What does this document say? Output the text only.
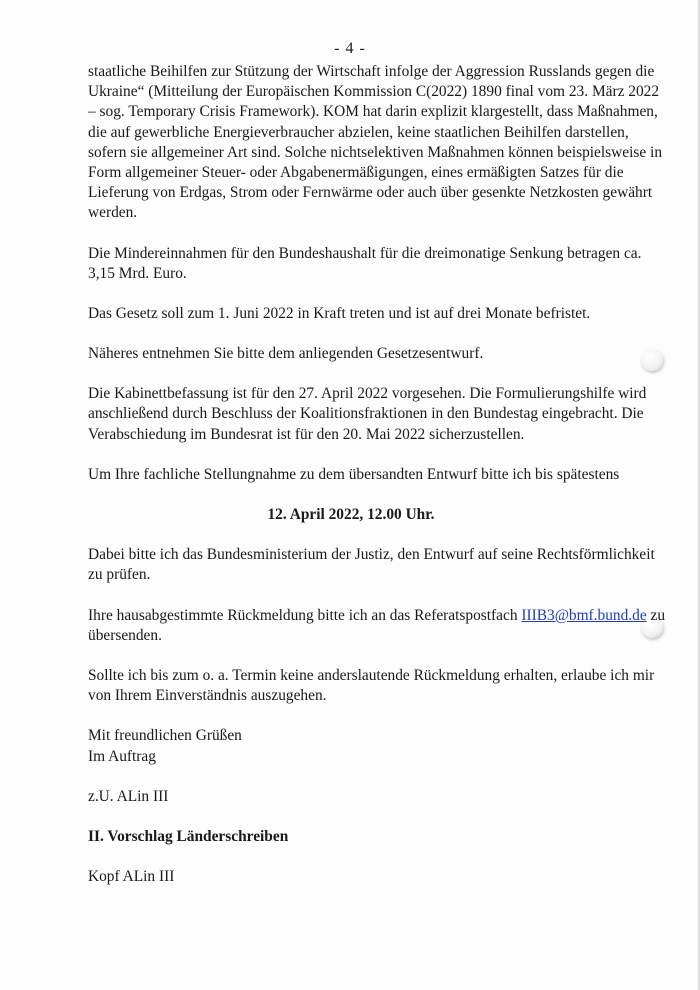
- 4 -
staatliche Beihilfen zur Stützung der Wirtschaft infolge der Aggression Russlands gegen die
Ukraine“ (Mitteilung der Europäischen Kommission C(2022) 1890 final vom 23. März 2022
– sog. Temporary Crisis Framework). KOM hat darin explizit klargestellt, dass Maßnahmen,
die auf gewerbliche Energieverbraucher abzielen, keine staatlichen Beihilfen darstellen,
sofern sie allgemeiner Art sind. Solche nichtselektiven Maßnahmen können beispielsweise in
Form allgemeiner Steuer- oder Abgabenermäßigungen, eines ermäßigten Satzes für die
Lieferung von Erdgas, Strom oder Fernwärme oder auch über gesenkte Netzkosten gewährt
werden.
Die Mindereinnahmen für den Bundeshaushalt für die dreimonatige Senkung betragen ca.
3,15 Mrd. Euro.
Das Gesetz soll zum 1. Juni 2022 in Kraft treten und ist auf drei Monate befristet.
Näheres entnehmen Sie bitte dem anliegenden Gesetzesentwurf.
Die Kabinettbefassung ist für den 27. April 2022 vorgesehen. Die Formulierungshilfe wird
anschließend durch Beschluss der Koalitionsfraktionen in den Bundestag eingebracht. Die
Verabschiedung im Bundesrat ist für den 20. Mai 2022 sicherzustellen.
Um Ihre fachliche Stellungnahme zu dem übersandten Entwurf bitte ich bis spätestens
12. April 2022, 12.00 Uhr.
Dabei bitte ich das Bundesministerium der Justiz, den Entwurf auf seine Rechtsförmlichkeit
zu prüfen.
Ihre hausabgestimmte Rückmeldung bitte ich an das Referatspostfach IIIB3@bmf.bund.de zu
übersenden.
Sollte ich bis zum o. a. Termin keine anderslautende Rückmeldung erhalten, erlaube ich mir
von Ihrem Einverständnis auszugehen.
Mit freundlichen Grüßen
Im Auftrag
z.U. ALin III
II. Vorschlag Länderschreiben
Kopf ALin III
